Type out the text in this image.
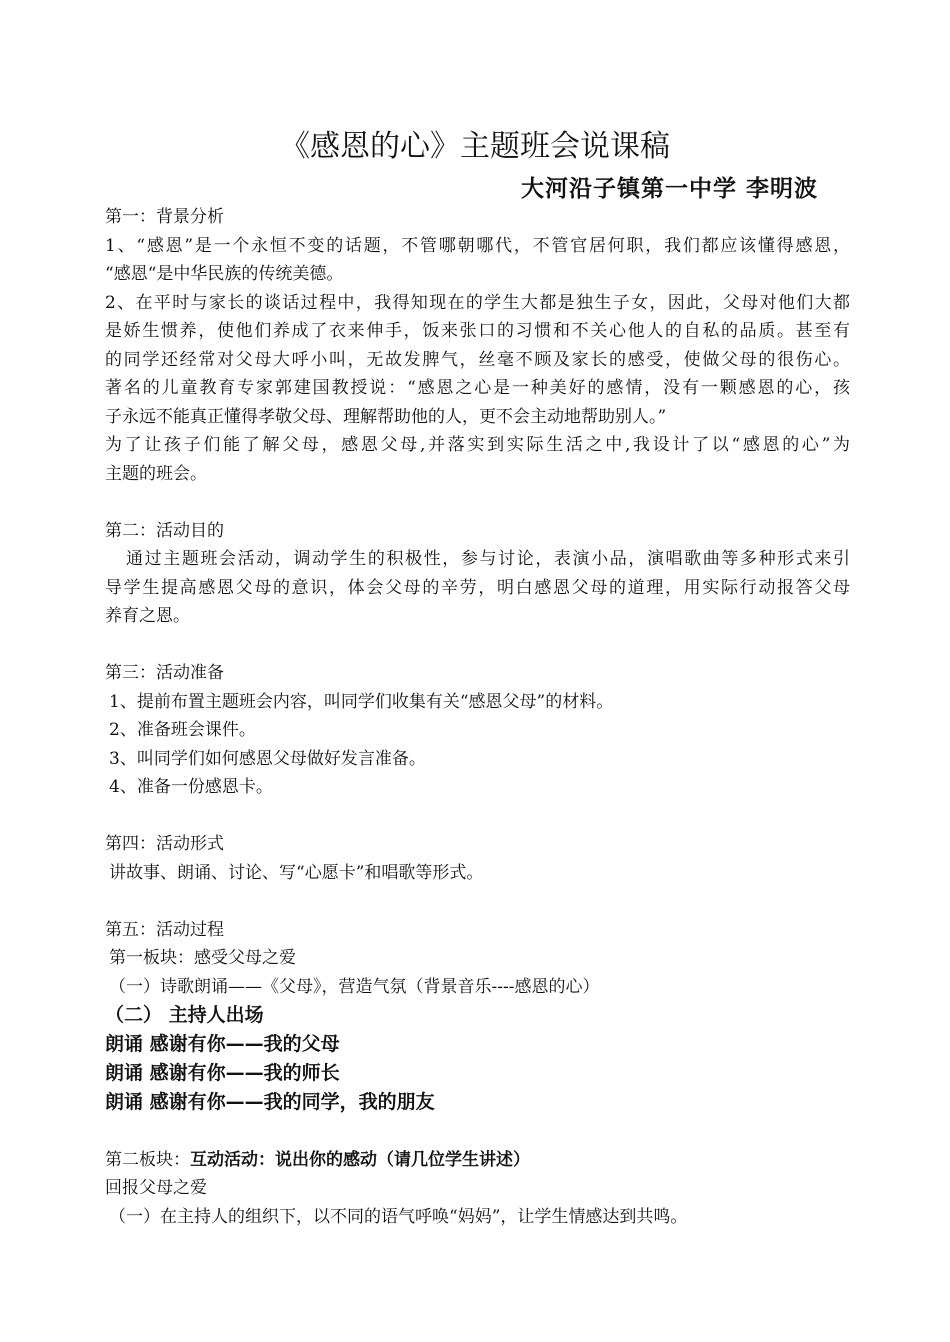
《感恩的心》主题班会说课稿
大河沿子镇第一中学 李明波
第一：背景分析
1、“感恩”是一个永恒不变的话题，不管哪朝哪代，不管官居何职，我们都应该懂得感恩，
“感恩“是中华民族的传统美德。
2、在平时与家长的谈话过程中，我得知现在的学生大都是独生子女，因此，父母对他们大都
是娇生惯养，使他们养成了衣来伸手，饭来张口的习惯和不关心他人的自私的品质。甚至有
的同学还经常对父母大呼小叫，无故发脾气，丝毫不顾及家长的感受，使做父母的很伤心。
著名的儿童教育专家郭建国教授说：“感恩之心是一种美好的感情，没有一颗感恩的心，孩
子永远不能真正懂得孝敬父母、理解帮助他的人，更不会主动地帮助别人。”
为了让孩子们能了解父母，感恩父母,并落实到实际生活之中,我设计了以“感恩的心”为
主题的班会。
第二：活动目的
通过主题班会活动，调动学生的积极性，参与讨论，表演小品，演唱歌曲等多种形式来引
导学生提高感恩父母的意识，体会父母的辛劳，明白感恩父母的道理，用实际行动报答父母
养育之恩。
第三：活动准备
1、提前布置主题班会内容，叫同学们收集有关“感恩父母”的材料。
2、准备班会课件。
3、叫同学们如何感恩父母做好发言准备。
4、准备一份感恩卡。
第四：活动形式
讲故事、朗诵、讨论、写“心愿卡”和唱歌等形式。
第五：活动过程
第一板块：感受父母之爱
（一）诗歌朗诵——《父母》，营造气氛（背景音乐----感恩的心）
（二） 主持人出场
朗诵 感谢有你——我的父母
朗诵 感谢有你——我的师长
朗诵 感谢有你——我的同学，我的朋友
第二板块：互动活动：说出你的感动（请几位学生讲述）
回报父母之爱
（一）在主持人的组织下，以不同的语气呼唤“妈妈”，让学生情感达到共鸣。
